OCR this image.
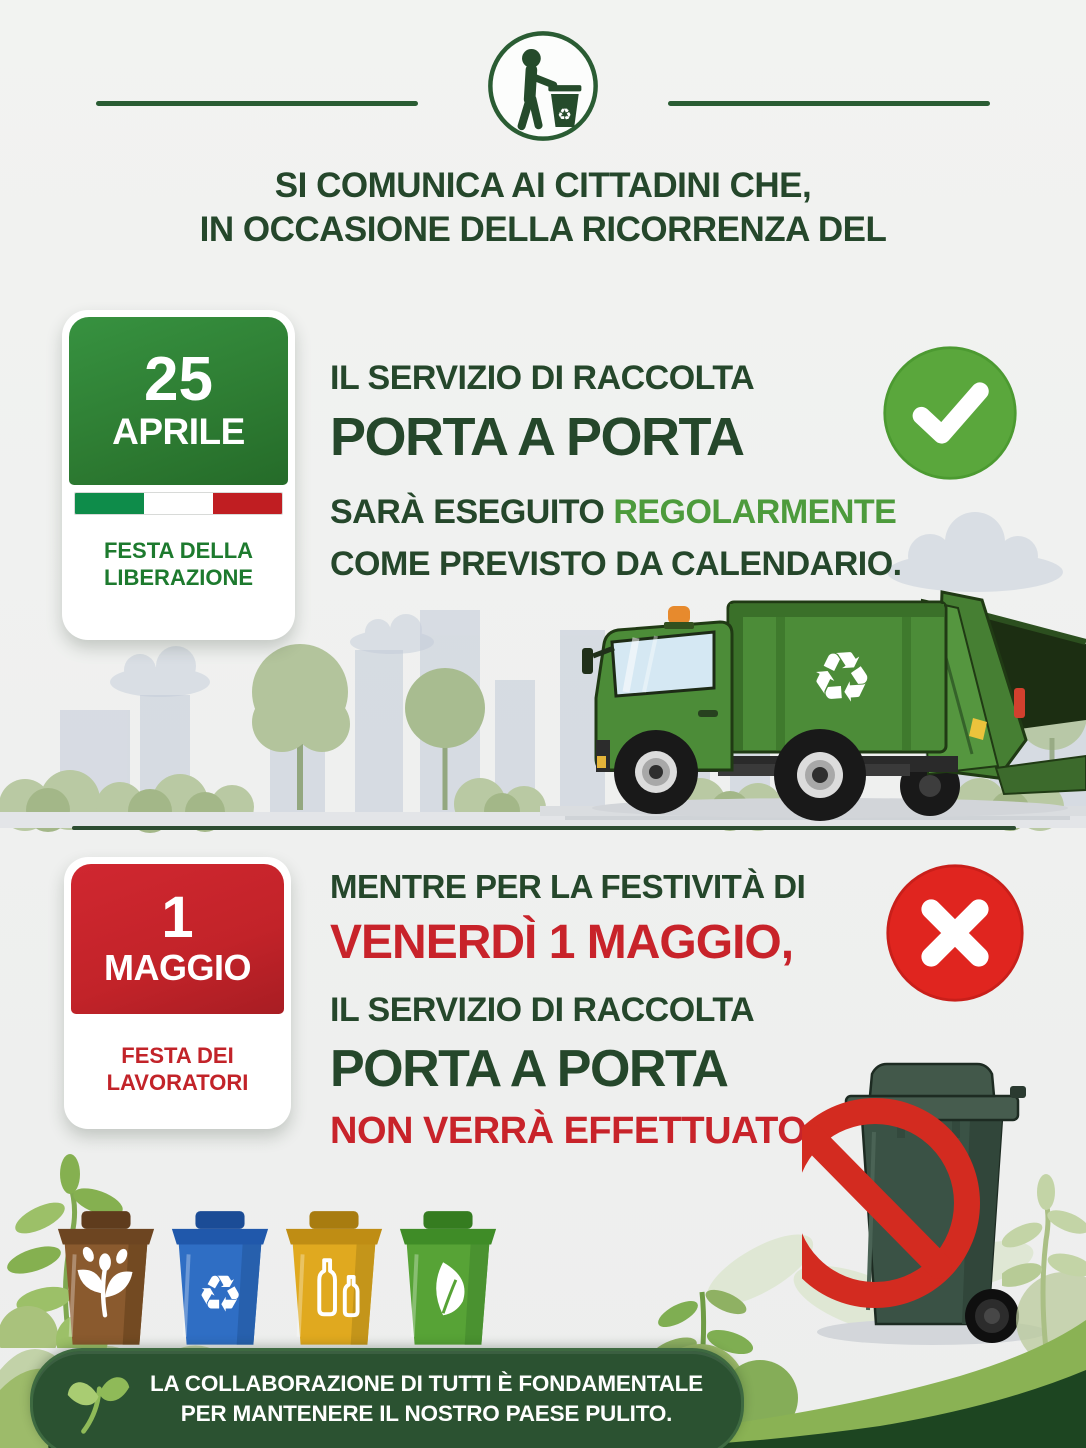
♻
SI COMUNICA AI CITTADINI CHE,
IN OCCASIONE DELLA RICORRENZA DEL
25
APRILE
FESTA DELLA
LIBERAZIONE
IL SERVIZIO DI RACCOLTA
PORTA A PORTA
SARÀ ESEGUITO REGOLARMENTE
COME PREVISTO DA CALENDARIO.
♻
1
MAGGIO
FESTA DEI
LAVORATORI
MENTRE PER LA FESTIVITÀ DI
VENERDÌ 1 MAGGIO,
IL SERVIZIO DI RACCOLTA
PORTA A PORTA
NON VERRÀ EFFETTUATO
♻
LA COLLABORAZIONE DI TUTTI È FONDAMENTALE
PER MANTENERE IL NOSTRO PAESE PULITO.
